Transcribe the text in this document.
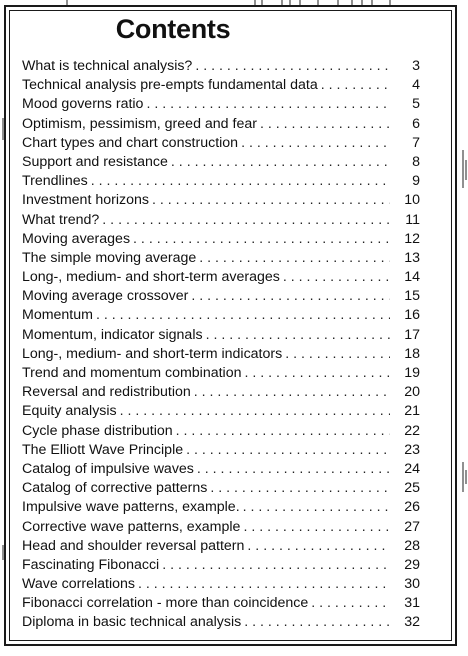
Contents
What is technical analysis? . . .	3
Technical analysis pre-empts fundamental data . . .	4
Mood governs ratio . . .	5
Optimism, pessimism, greed and fear . . .	6
Chart types and chart construction . . .	7
Support and resistance . . .	8
Trendlines . . .	9
Investment horizons . . .	10
What trend? . . .	11
Moving averages . . .	12
The simple moving average . . .	13
Long-, medium- and short-term averages . . .	14
Moving average crossover . . .	15
Momentum . . .	16
Momentum, indicator signals . . .	17
Long-, medium- and short-term indicators . . .	18
Trend and momentum combination . . .	19
Reversal and redistribution . . .	20
Equity analysis . . .	21
Cycle phase distribution . . .	22
The Elliott Wave Principle . . .	23
Catalog of impulsive waves . . .	24
Catalog of corrective patterns . . .	25
Impulsive wave patterns, example. . . .	26
Corrective wave patterns, example . . .	27
Head and shoulder reversal pattern . . .	28
Fascinating Fibonacci . . .	29
Wave correlations . . .	30
Fibonacci correlation - more than coincidence . . .	31
Diploma in basic technical analysis . . .	32
